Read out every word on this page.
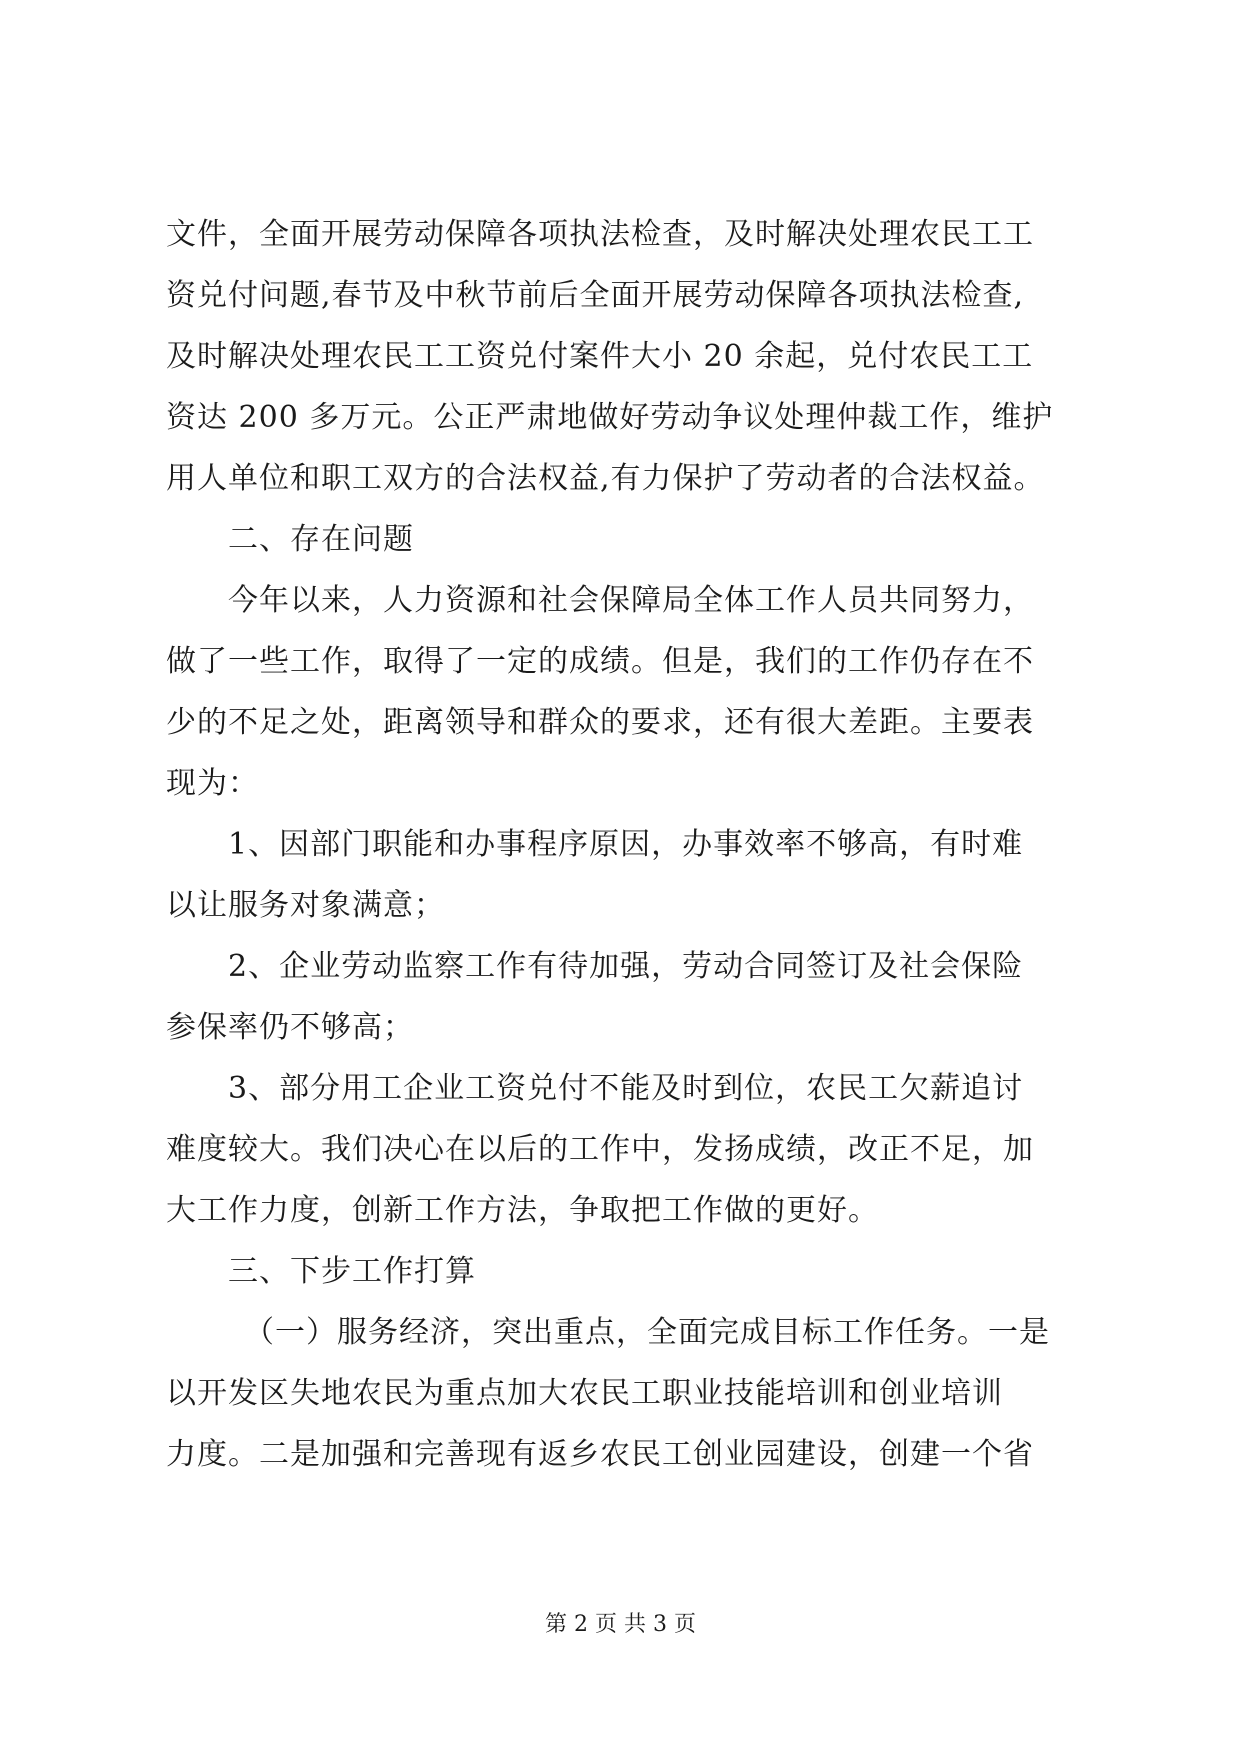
文件，全面开展劳动保障各项执法检查，及时解决处理农民工工
资兑付问题,春节及中秋节前后全面开展劳动保障各项执法检查,
及时解决处理农民工工资兑付案件大小 20 余起，兑付农民工工
资达 200 多万元。公正严肃地做好劳动争议处理仲裁工作，维护
用人单位和职工双方的合法权益,有力保护了劳动者的合法权益。
二、存在问题
今年以来，人力资源和社会保障局全体工作人员共同努力，
做了一些工作，取得了一定的成绩。但是，我们的工作仍存在不
少的不足之处，距离领导和群众的要求，还有很大差距。主要表
现为：
1、因部门职能和办事程序原因，办事效率不够高，有时难
以让服务对象满意；
2、企业劳动监察工作有待加强，劳动合同签订及社会保险
参保率仍不够高；
3、部分用工企业工资兑付不能及时到位，农民工欠薪追讨
难度较大。我们决心在以后的工作中，发扬成绩，改正不足，加
大工作力度，创新工作方法，争取把工作做的更好。
三、下步工作打算
（一）服务经济，突出重点，全面完成目标工作任务。一是
以开发区失地农民为重点加大农民工职业技能培训和创业培训
力度。二是加强和完善现有返乡农民工创业园建设，创建一个省
第 2 页 共 3 页
